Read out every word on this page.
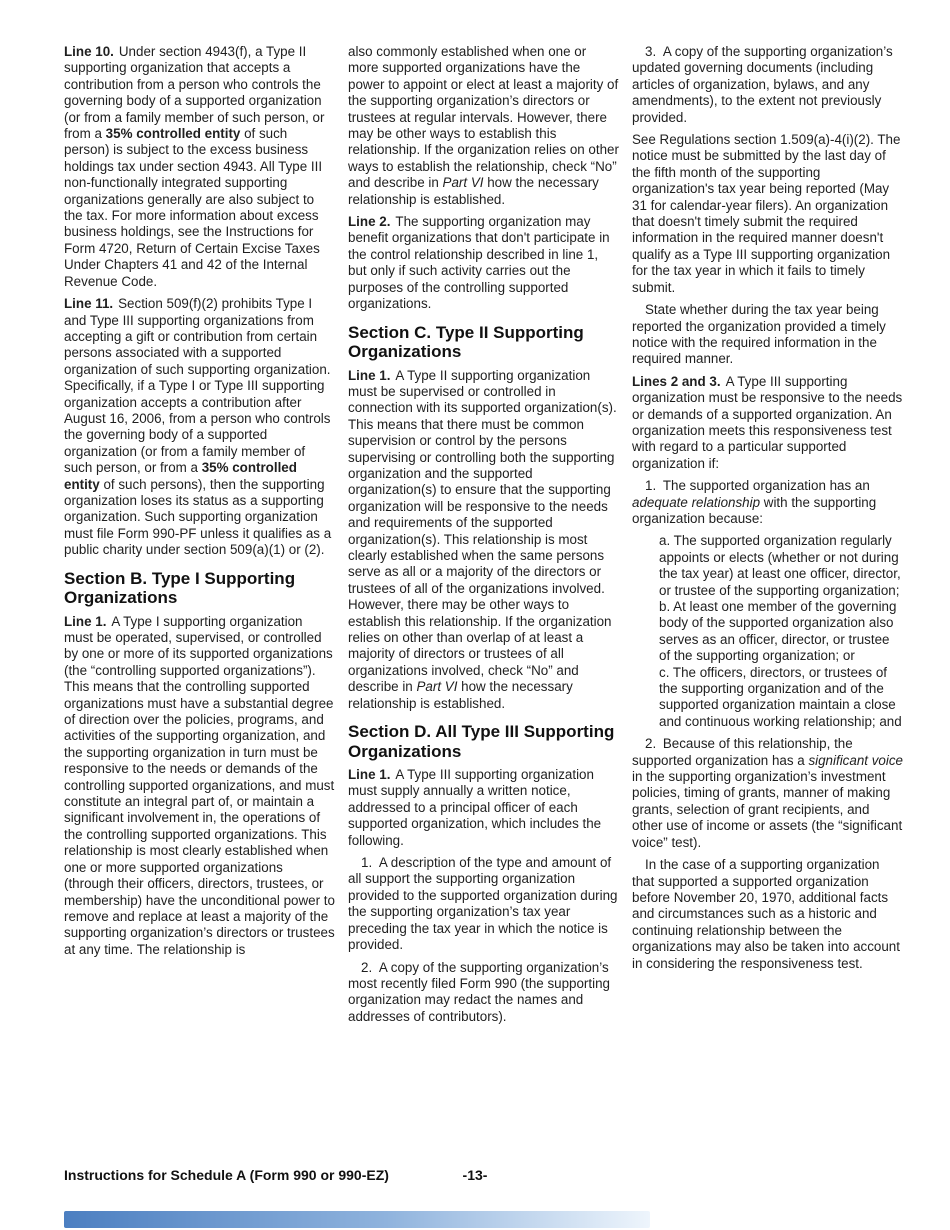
Line 10. Under section 4943(f), a Type II supporting organization that accepts a contribution from a person who controls the governing body of a supported organization (or from a family member of such person, or from a 35% controlled entity of such person) is subject to the excess business holdings tax under section 4943. All Type III non-functionally integrated supporting organizations generally are also subject to the tax. For more information about excess business holdings, see the Instructions for Form 4720, Return of Certain Excise Taxes Under Chapters 41 and 42 of the Internal Revenue Code.

Line 11. Section 509(f)(2) prohibits Type I and Type III supporting organizations from accepting a gift or contribution from certain persons associated with a supported organization of such supporting organization. Specifically, if a Type I or Type III supporting organization accepts a contribution after August 16, 2006, from a person who controls the governing body of a supported organization (or from a family member of such person, or from a 35% controlled entity of such persons), then the supporting organization loses its status as a supporting organization. Such supporting organization must file Form 990-PF unless it qualifies as a public charity under section 509(a)(1) or (2).

Section B. Type I Supporting Organizations

Line 1. A Type I supporting organization must be operated, supervised, or controlled by one or more of its supported organizations (the “controlling supported organizations”). This means that the controlling supported organizations must have a substantial degree of direction over the policies, programs, and activities of the supporting organization, and the supporting organization in turn must be responsive to the needs or demands of the controlling supported organizations, and must constitute an integral part of, or maintain a significant involvement in, the operations of the controlling supported organizations. This relationship is most clearly established when one or more supported organizations (through their officers, directors, trustees, or membership) have the unconditional power to remove and replace at least a majority of the supporting organization’s directors or trustees at any time. The relationship is

also commonly established when one or more supported organizations have the power to appoint or elect at least a majority of the supporting organization’s directors or trustees at regular intervals. However, there may be other ways to establish this relationship. If the organization relies on other ways to establish the relationship, check “No” and describe in Part VI how the necessary relationship is established.

Line 2. The supporting organization may benefit organizations that don't participate in the control relationship described in line 1, but only if such activity carries out the purposes of the controlling supported organizations.

Section C. Type II Supporting Organizations

Line 1. A Type II supporting organization must be supervised or controlled in connection with its supported organization(s). This means that there must be common supervision or control by the persons supervising or controlling both the supporting organization and the supported organization(s) to ensure that the supporting organization will be responsive to the needs and requirements of the supported organization(s). This relationship is most clearly established when the same persons serve as all or a majority of the directors or trustees of all of the organizations involved. However, there may be other ways to establish this relationship. If the organization relies on other than overlap of at least a majority of directors or trustees of all organizations involved, check “No” and describe in Part VI how the necessary relationship is established.

Section D. All Type III Supporting Organizations

Line 1. A Type III supporting organization must supply annually a written notice, addressed to a principal officer of each supported organization, which includes the following.

1. A description of the type and amount of all support the supporting organization provided to the supported organization during the supporting organization’s tax year preceding the tax year in which the notice is provided.

2. A copy of the supporting organization’s most recently filed Form 990 (the supporting organization may redact the names and addresses of contributors).

3. A copy of the supporting organization’s updated governing documents (including articles of organization, bylaws, and any amendments), to the extent not previously provided.

See Regulations section 1.509(a)-4(i)(2). The notice must be submitted by the last day of the fifth month of the supporting organization's tax year being reported (May 31 for calendar-year filers). An organization that doesn't timely submit the required information in the required manner doesn't qualify as a Type III supporting organization for the tax year in which it fails to timely submit.

State whether during the tax year being reported the organization provided a timely notice with the required information in the required manner.

Lines 2 and 3. A Type III supporting organization must be responsive to the needs or demands of a supported organization. An organization meets this responsiveness test with regard to a particular supported organization if:

1. The supported organization has an adequate relationship with the supporting organization because:

a. The supported organization regularly appoints or elects (whether or not during the tax year) at least one officer, director, or trustee of the supporting organization;

b. At least one member of the governing body of the supported organization also serves as an officer, director, or trustee of the supporting organization; or

c. The officers, directors, or trustees of the supporting organization and of the supported organization maintain a close and continuous working relationship; and

2. Because of this relationship, the supported organization has a significant voice in the supporting organization’s investment policies, timing of grants, manner of making grants, selection of grant recipients, and other use of income or assets (the “significant voice” test).

In the case of a supporting organization that supported a supported organization before November 20, 1970, additional facts and circumstances such as a historic and continuing relationship between the organizations may also be taken into account in considering the responsiveness test.

Instructions for Schedule A (Form 990 or 990-EZ)	-13-
